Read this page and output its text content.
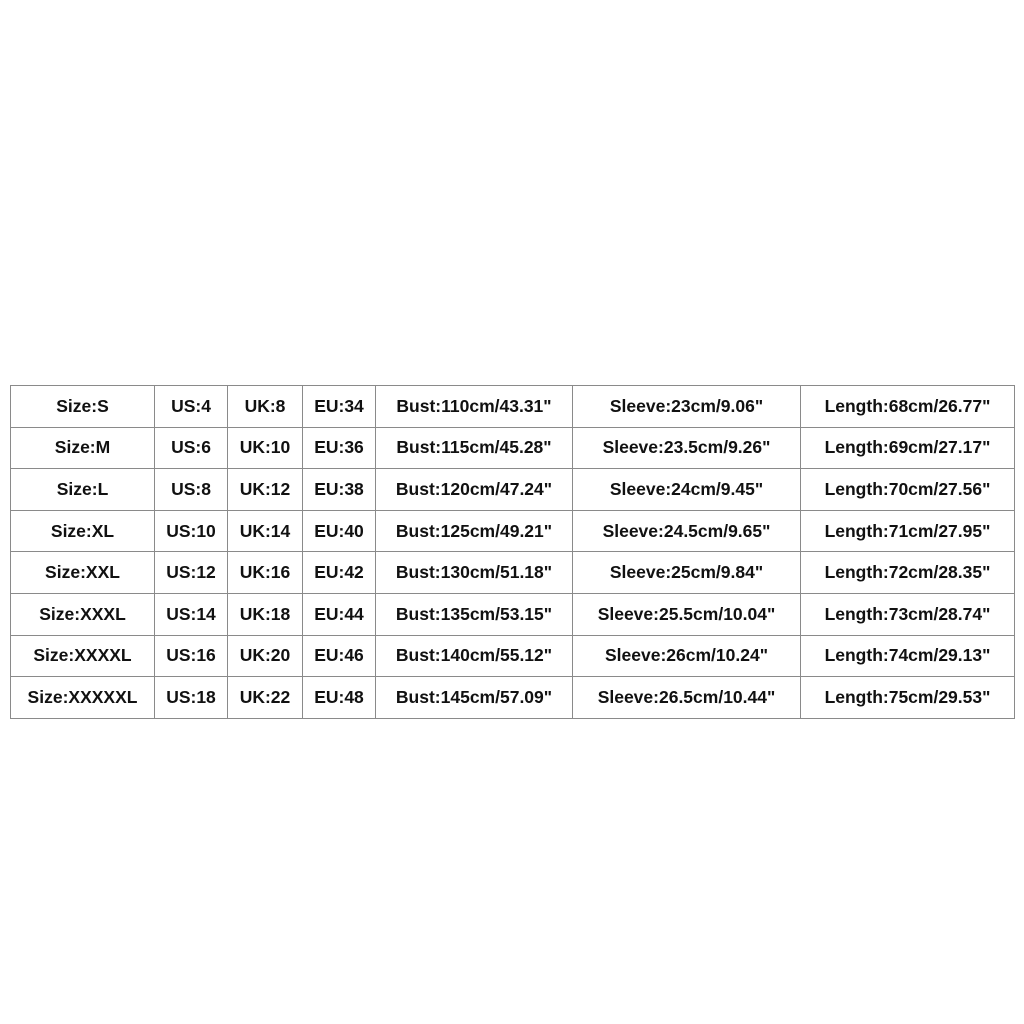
Size:S	US:4	UK:8	EU:34	Bust:110cm/43.31"	Sleeve:23cm/9.06"	Length:68cm/26.77"
Size:M	US:6	UK:10	EU:36	Bust:115cm/45.28"	Sleeve:23.5cm/9.26"	Length:69cm/27.17"
Size:L	US:8	UK:12	EU:38	Bust:120cm/47.24"	Sleeve:24cm/9.45"	Length:70cm/27.56"
Size:XL	US:10	UK:14	EU:40	Bust:125cm/49.21"	Sleeve:24.5cm/9.65"	Length:71cm/27.95"
Size:XXL	US:12	UK:16	EU:42	Bust:130cm/51.18"	Sleeve:25cm/9.84"	Length:72cm/28.35"
Size:XXXL	US:14	UK:18	EU:44	Bust:135cm/53.15"	Sleeve:25.5cm/10.04"	Length:73cm/28.74"
Size:XXXXL	US:16	UK:20	EU:46	Bust:140cm/55.12"	Sleeve:26cm/10.24"	Length:74cm/29.13"
Size:XXXXXL	US:18	UK:22	EU:48	Bust:145cm/57.09"	Sleeve:26.5cm/10.44"	Length:75cm/29.53"
